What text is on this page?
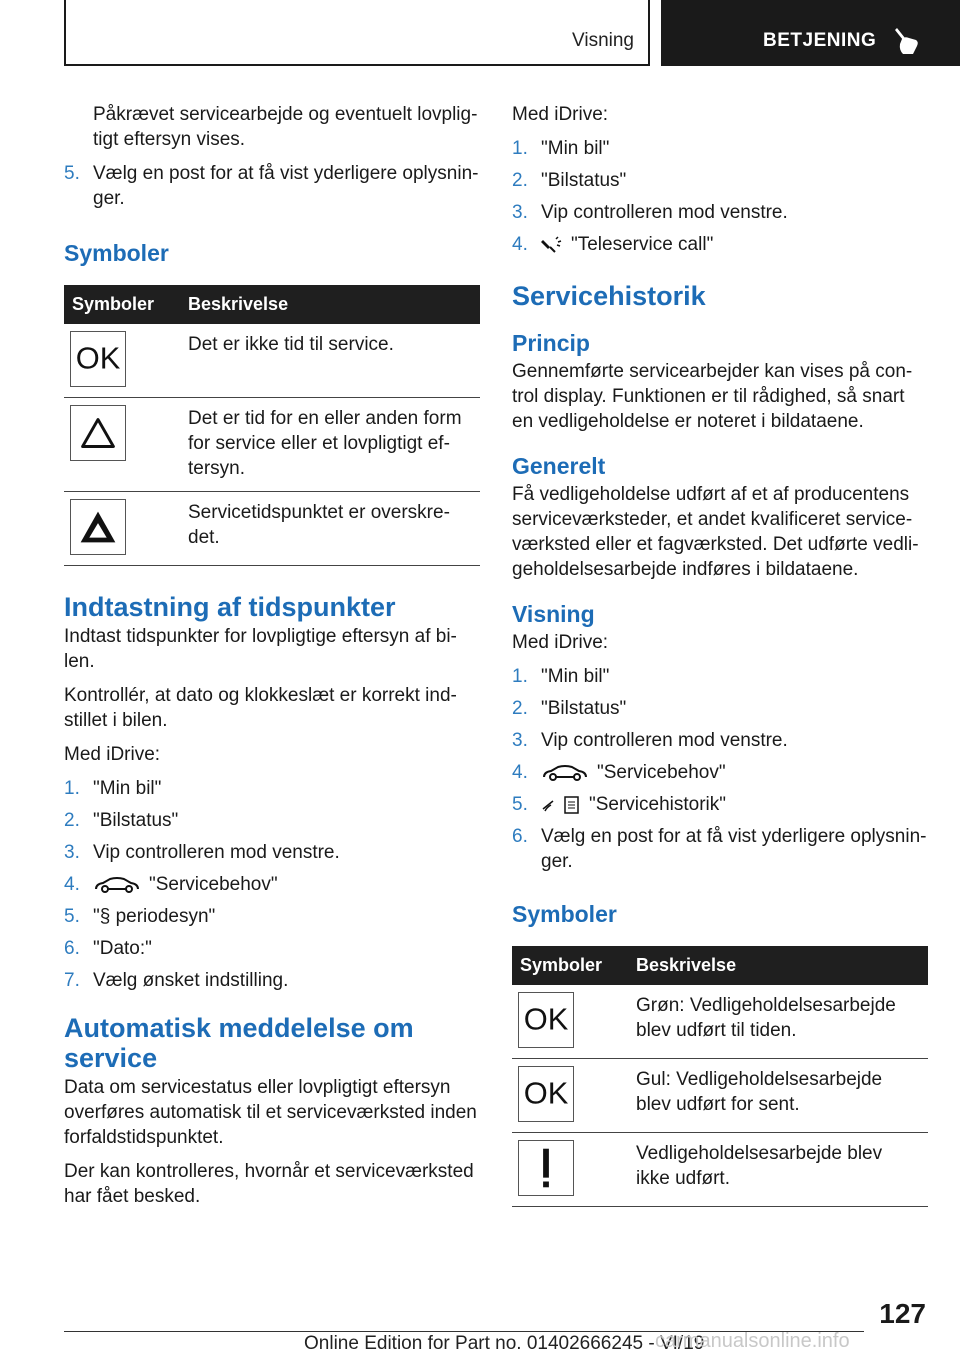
Visning	BETJENING

Påkrævet servicearbejde og eventuelt lovpligtigt eftersyn vises.

5. Vælg en post for at få vist yderligere oplysninger.
Symboler
Symboler	Beskrivelse

OK	Det er ikke tid til service.

	Det er tid for en eller anden form for service eller et lovpligtigt eftersyn.

	Servicetidspunktet er overskredet.
Indtastning af tidspunkter

Indtast tidspunkter for lovpligtige eftersyn af bilen.

Kontrollér, at dato og klokkeslæt er korrekt indstillet i bilen.

Med iDrive:

1. "Min bil"
2. "Bilstatus"
3. Vip controlleren mod venstre.
4.	"Servicebehov"
5. "§ periodesyn"
6. "Dato:"
7. Vælg ønsket indstilling.
Automatisk meddelelse om service

Data om servicestatus eller lovpligtigt eftersyn overføres automatisk til et serviceværksted inden forfaldstidspunktet.

Der kan kontrolleres, hvornår et serviceværksted har fået besked.

Med iDrive:

1. "Min bil"
2. "Bilstatus"
3. Vip controlleren mod venstre.
4. "Teleservice call"
Servicehistorik
Princip

Gennemførte servicearbejder kan vises på control display. Funktionen er til rådighed, så snart en vedligeholdelse er noteret i bildataene.

Generelt

Få vedligeholdelse udført af et af producentens serviceværksteder, et andet kvalificeret serviceværksted eller et fagværksted. Det udførte vedligeholdelsesarbejde indføres i bildataene.

Visning

Med iDrive:

1. "Min bil"
2. "Bilstatus"
3. Vip controlleren mod venstre.
4.	"Servicebehov"
5.	"Servicehistorik"
6. Vælg en post for at få vist yderligere oplysninger.
Symboler
Symboler	Beskrivelse

OK	Grøn: Vedligeholdelsesarbejde blev udført til tiden.

OK	Gul: Vedligeholdelsesarbejde blev udført for sent.

	Vedligeholdelsesarbejde blev ikke udført.
127
Online Edition for Part no. 01402666245 - VI/19
carmanualsonline.info
